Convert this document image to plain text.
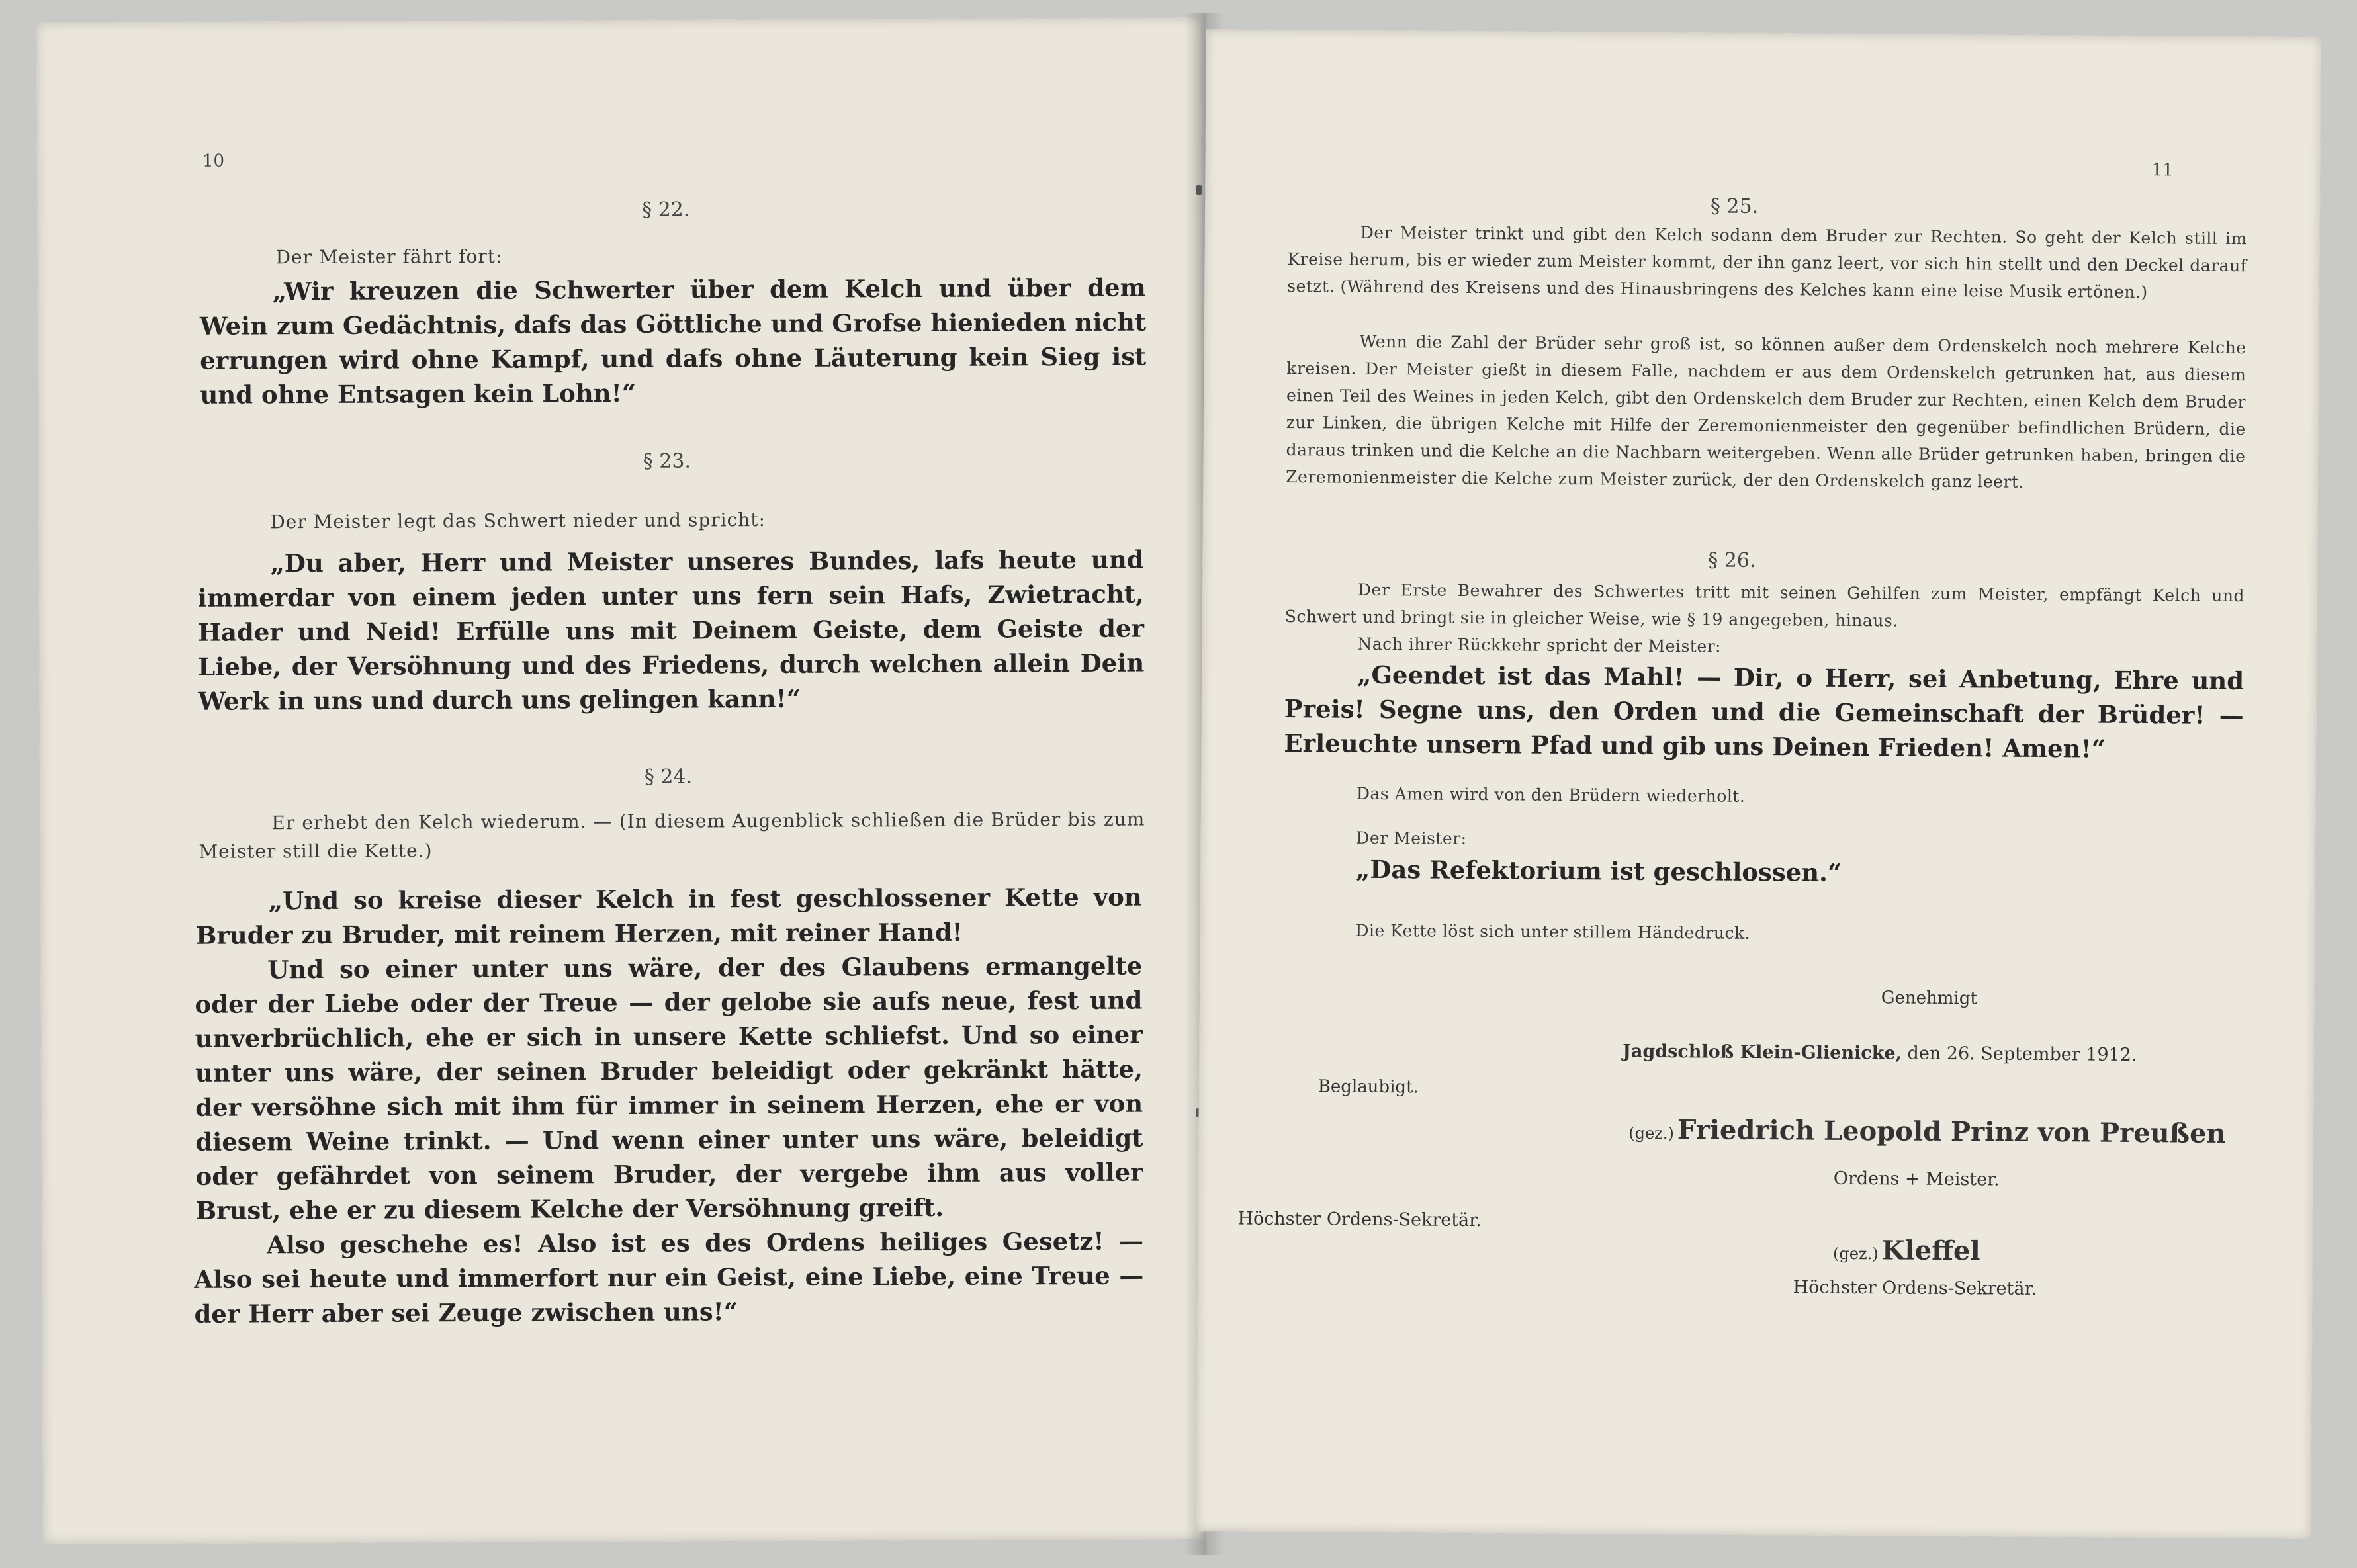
10
§ 22.
Der Meister fährt fort:
„Wir kreuzen die Schwerter über dem Kelch und über dem Wein zum Gedächtnis, dafs das Göttliche und Grofse hienieden nicht errungen wird ohne Kampf, und dafs ohne Läuterung kein Sieg ist und ohne Entsagen kein Lohn!“
§ 23.
Der Meister legt das Schwert nieder und spricht:
„Du aber, Herr und Meister unseres Bundes, lafs heute und immerdar von einem jeden unter uns fern sein Hafs, Zwietracht, Hader und Neid! Erfülle uns mit Deinem Geiste, dem Geiste der Liebe, der Versöhnung und des Friedens, durch welchen allein Dein Werk in uns und durch uns gelingen kann!“
§ 24.
Er erhebt den Kelch wiederum. — (In diesem Augenblick schließen die Brüder bis zum Meister still die Kette.)
„Und so kreise dieser Kelch in fest geschlossener Kette von Bruder zu Bruder, mit reinem Herzen, mit reiner Hand!
Und so einer unter uns wäre, der des Glaubens ermangelte oder der Liebe oder der Treue — der gelobe sie aufs neue, fest und unverbrüchlich, ehe er sich in unsere Kette schliefst. Und so einer unter uns wäre, der seinen Bruder beleidigt oder gekränkt hätte, der versöhne sich mit ihm für immer in seinem Herzen, ehe er von diesem Weine trinkt. — Und wenn einer unter uns wäre, beleidigt oder gefährdet von seinem Bruder, der vergebe ihm aus voller Brust, ehe er zu diesem Kelche der Versöhnung greift.
Also geschehe es! Also ist es des Ordens heiliges Gesetz! — Also sei heute und immerfort nur ein Geist, eine Liebe, eine Treue — der Herr aber sei Zeuge zwischen uns!“
11
§ 25.
Der Meister trinkt und gibt den Kelch sodann dem Bruder zur Rechten. So geht der Kelch still im Kreise herum, bis er wieder zum Meister kommt, der ihn ganz leert, vor sich hin stellt und den Deckel darauf setzt. (Während des Kreisens und des Hinausbringens des Kelches kann eine leise Musik ertönen.)
Wenn die Zahl der Brüder sehr groß ist, so können außer dem Ordenskelch noch mehrere Kelche kreisen. Der Meister gießt in diesem Falle, nachdem er aus dem Ordenskelch getrunken hat, aus diesem einen Teil des Weines in jeden Kelch, gibt den Ordenskelch dem Bruder zur Rechten, einen Kelch dem Bruder zur Linken, die übrigen Kelche mit Hilfe der Zeremonienmeister den gegenüber befindlichen Brüdern, die daraus trinken und die Kelche an die Nachbarn weitergeben. Wenn alle Brüder getrunken haben, bringen die Zeremonienmeister die Kelche zum Meister zurück, der den Ordenskelch ganz leert.
§ 26.
Der Erste Bewahrer des Schwertes tritt mit seinen Gehilfen zum Meister, empfängt Kelch und Schwert und bringt sie in gleicher Weise, wie § 19 angegeben, hinaus.
Nach ihrer Rückkehr spricht der Meister:
„Geendet ist das Mahl! — Dir, o Herr, sei Anbetung, Ehre und Preis! Segne uns, den Orden und die Gemeinschaft der Brüder! — Erleuchte unsern Pfad und gib uns Deinen Frieden! Amen!“
Das Amen wird von den Brüdern wiederholt.
Der Meister:
„Das Refektorium ist geschlossen.“
Die Kette löst sich unter stillem Händedruck.
Genehmigt
Jagdschloß Klein-Glienicke, den 26. September 1912.
Beglaubigt.
(gez.) Friedrich Leopold Prinz von Preußen
Ordens + Meister.
Höchster Ordens-Sekretär.
(gez.) Kleffel
Höchster Ordens-Sekretär.
